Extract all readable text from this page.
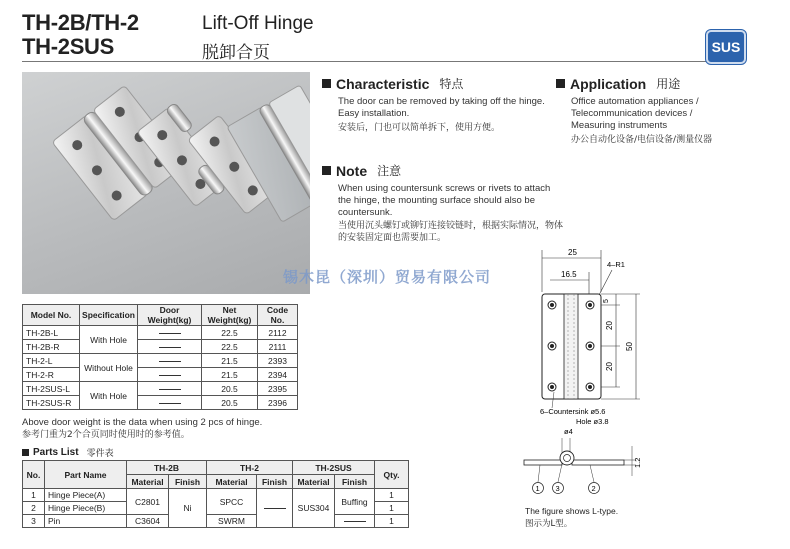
TH-2B/TH-2
TH-2SUS
Lift-Off Hinge
脱卸合页	SUS
Characteristic 特点
The door can be removed by taking off the hinge. Easy installation.
安装后，门也可以简单拆下，使用方便。
Application 用途
Office automation appliances /
Telecommunication devices /
Measuring instruments
办公自动化设备/电信设备/测量仪器
Note 注意
When using countersunk screws or rivets to attach the hinge, the mounting surface should also be countersunk.
当使用沉头螺钉或铆钉连接铰链时，根据实际情况，物体的安装固定面也需要加工。
锡木昆（深圳）贸易有限公司
Model No.	Specification	Door Weight(kg)	Net Weight(kg)	Code No.
TH-2B-L	With Hole		22.5	2112
TH-2B-R			22.5	2111
TH-2-L	Without Hole		21.5	2393
TH-2-R			21.5	2394
TH-2SUS-L	With Hole		20.5	2395
TH-2SUS-R			20.5	2396
Above door weight is the data when using 2 pcs of hinge.
参考门重为2个合页同时使用时的参考值。
Parts List 零件表
No.	Part Name	TH-2B		TH-2		TH-2SUS		Qty.
		Material	Finish	Material	Finish	Material	Finish	
1	Hinge Piece(A)	C2801	Ni	SPCC		SUS304	Buffing	1
2	Hinge Piece(B)							1
3	Pin	C3604		SWRM				1
25
16.5
4–R1
5
20
20
50
6–Countersink ø5.6
Hole ø3.8
ø4
1.2
1 3	2
The figure shows L-type.
图示为L型。
